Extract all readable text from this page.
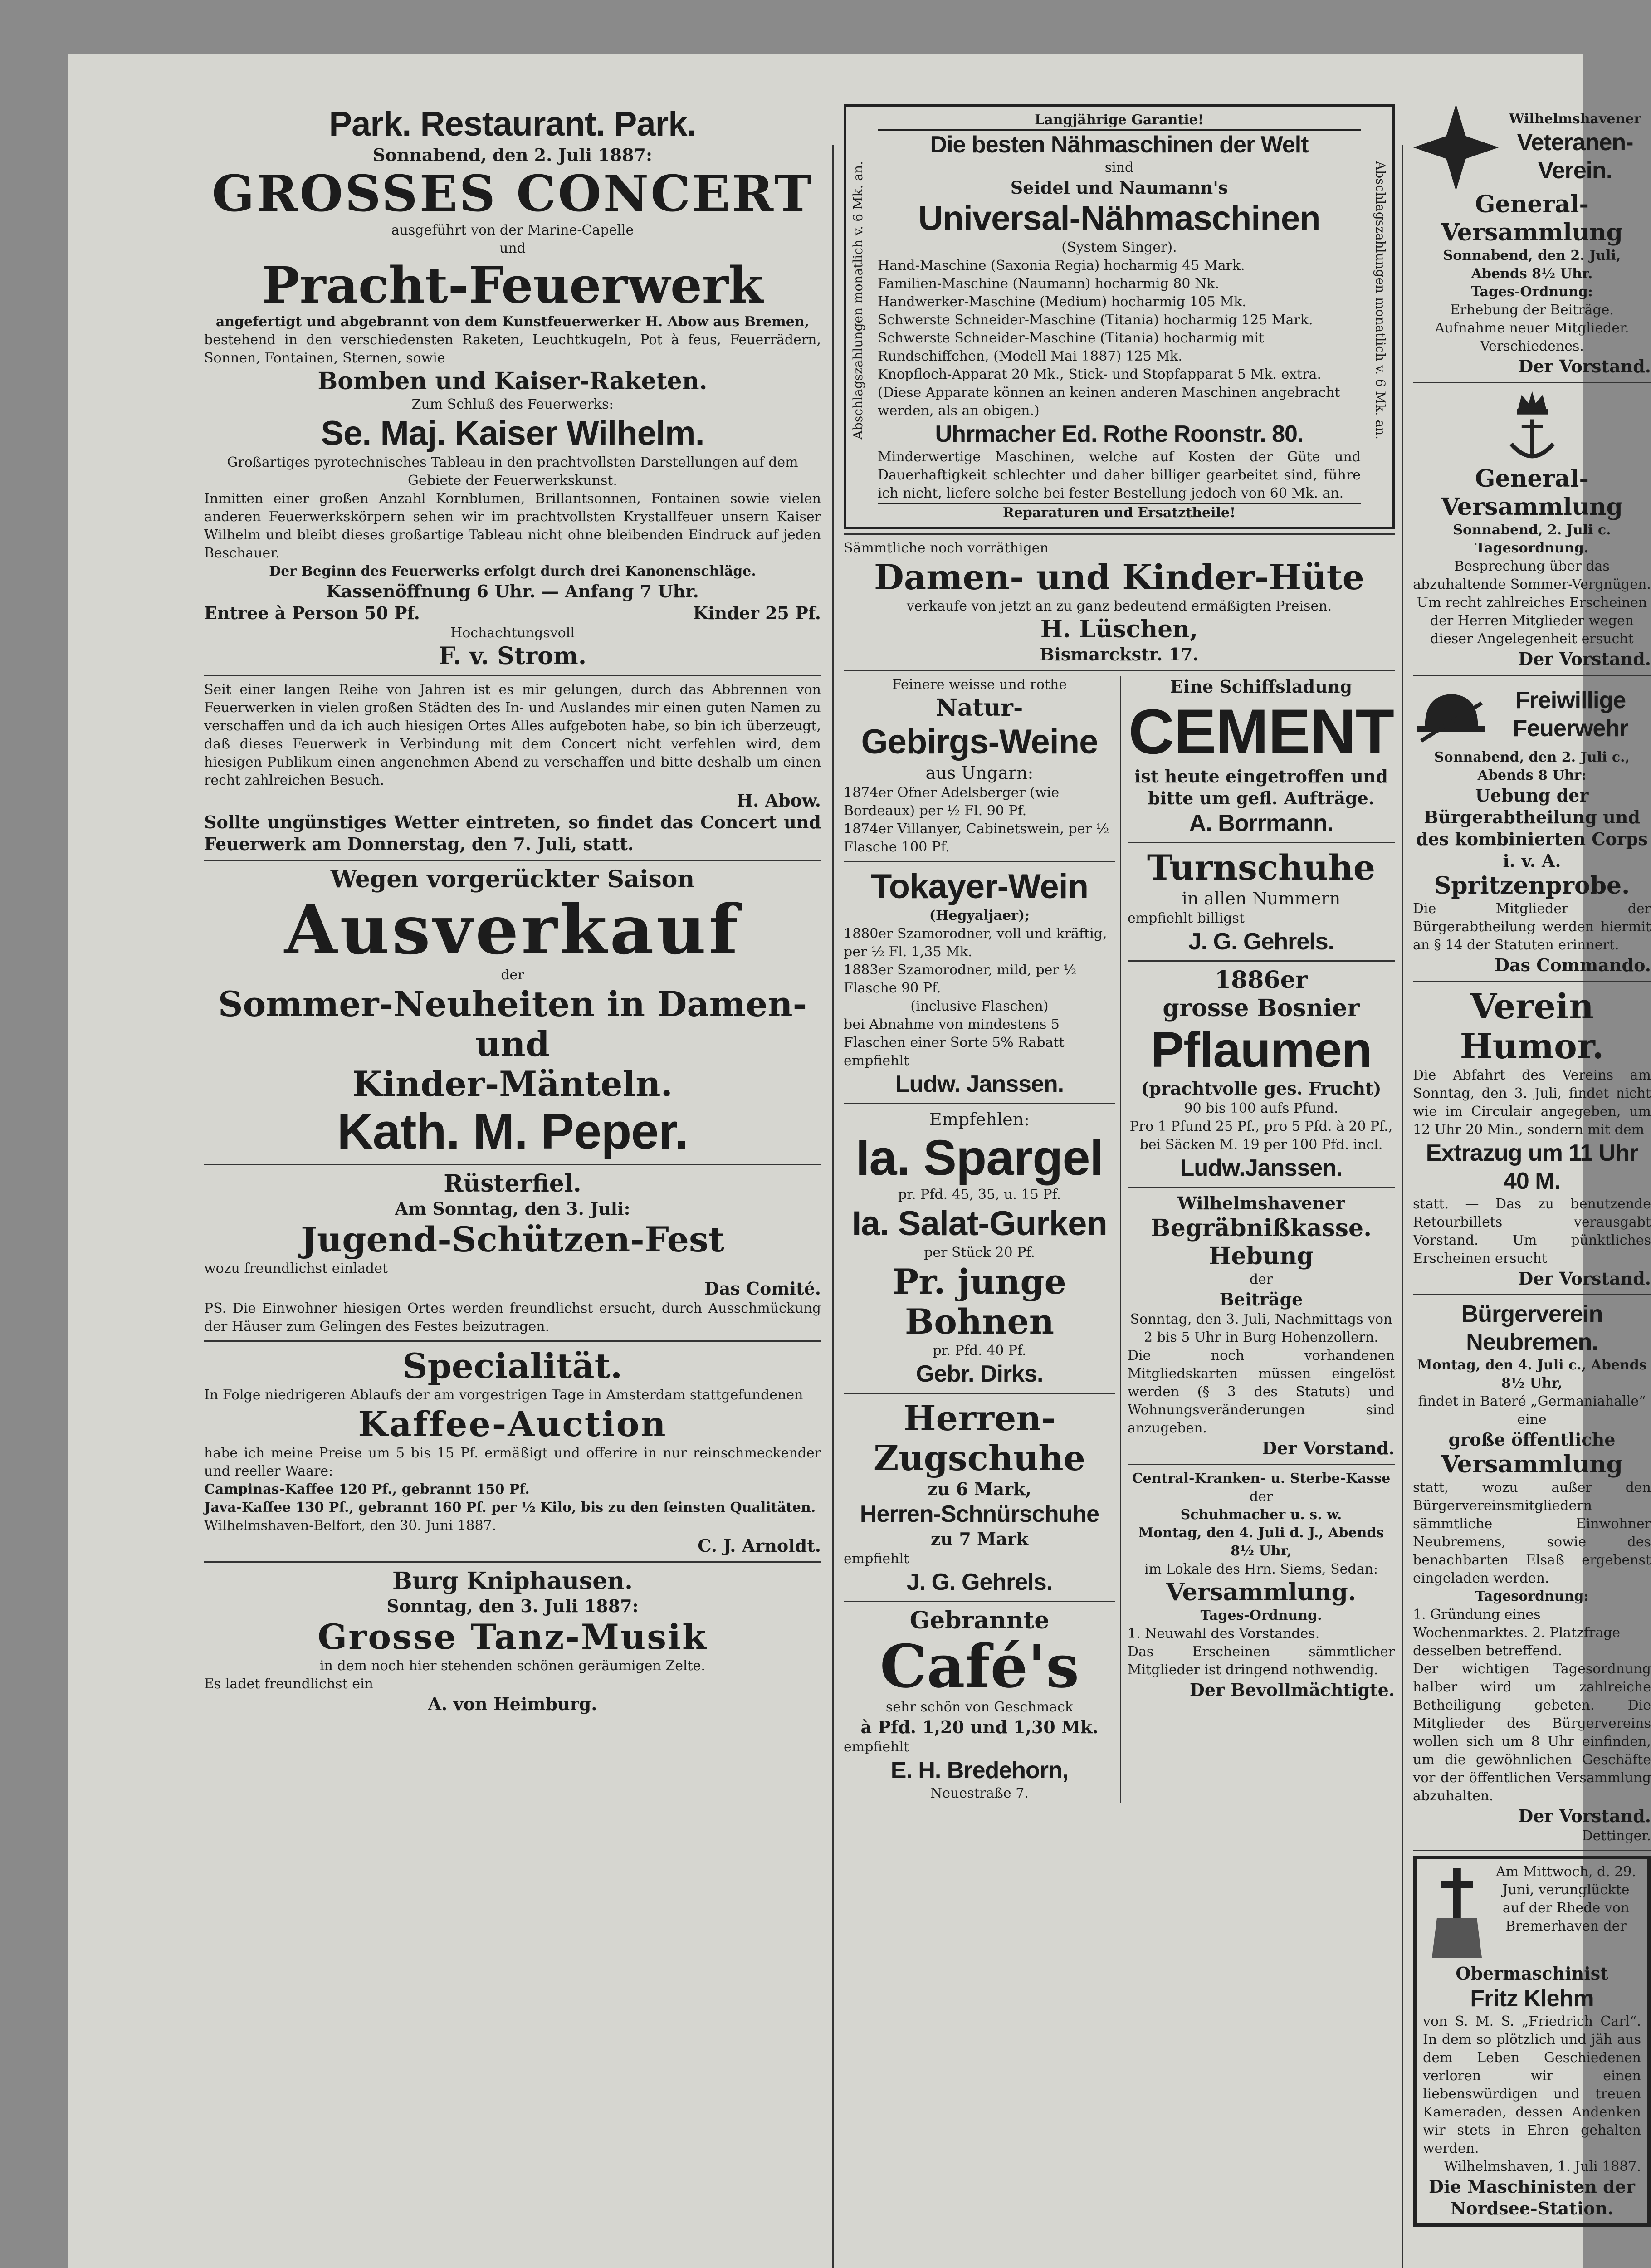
Park. Restaurant. Park.
Sonnabend, den 2. Juli 1887:
GROSSES CONCERT
ausgeführt von der Marine-Capelle
und
Pracht-Feuerwerk
angefertigt und abgebrannt von dem Kunstfeuerwerker H. Abow aus Bremen,
bestehend in den verschiedensten Raketen, Leuchtkugeln, Pot à feus, Feuerrädern, Sonnen, Fontainen, Sternen, sowie
Bomben und Kaiser-Raketen.
Zum Schluß des Feuerwerks:
Se. Maj. Kaiser Wilhelm.
Großartiges pyrotechnisches Tableau in den prachtvollsten Darstellungen auf dem Gebiete der Feuerwerkskunst.
Inmitten einer großen Anzahl Kornblumen, Brillantsonnen, Fontainen sowie vielen anderen Feuerwerkskörpern sehen wir im prachtvollsten Krystallfeuer unsern Kaiser Wilhelm und bleibt dieses großartige Tableau nicht ohne bleibenden Eindruck auf jeden Beschauer.
Der Beginn des Feuerwerks erfolgt durch drei Kanonenschläge.
Kassenöffnung 6 Uhr. — Anfang 7 Uhr.
Entree à Person 50 Pf.	Kinder 25 Pf.
Hochachtungsvoll
F. v. Strom.
Seit einer langen Reihe von Jahren ist es mir gelungen, durch das Abbrennen von Feuerwerken in vielen großen Städten des In- und Auslandes mir einen guten Namen zu verschaffen und da ich auch hiesigen Ortes Alles aufgeboten habe, so bin ich überzeugt, daß dieses Feuerwerk in Verbindung mit dem Concert nicht verfehlen wird, dem hiesigen Publikum einen angenehmen Abend zu verschaffen und bitte deshalb um einen recht zahlreichen Besuch.
H. Abow.
Sollte ungünstiges Wetter eintreten, so findet das Concert und Feuerwerk am Donnerstag, den 7. Juli, statt.
Wegen vorgerückter Saison
Ausverkauf
der
Sommer-Neuheiten in Damen- und
Kinder-Mänteln.
Kath. M. Peper.
Rüsterfiel.
Am Sonntag, den 3. Juli:
Jugend-Schützen-Fest
wozu freundlichst einladet
Das Comité.
PS. Die Einwohner hiesigen Ortes werden freundlichst ersucht, durch Ausschmückung der Häuser zum Gelingen des Festes beizutragen.
Specialität.
In Folge niedrigeren Ablaufs der am vorgestrigen Tage in Amsterdam stattgefundenen
Kaffee-Auction
habe ich meine Preise um 5 bis 15 Pf. ermäßigt und offerire in nur reinschmeckender und reeller Waare:
Campinas-Kaffee 120 Pf., gebrannt 150 Pf.
Java-Kaffee 130 Pf., gebrannt 160 Pf. per ½ Kilo, bis zu den feinsten Qualitäten.
Wilhelmshaven-Belfort, den 30. Juni 1887.
C. J. Arnoldt.
Burg Kniphausen.
Sonntag, den 3. Juli 1887:
Grosse Tanz-Musik
in dem noch hier stehenden schönen geräumigen Zelte.
Es ladet freundlichst ein
A. von Heimburg.
Langjährige Garantie!
Abschlagszahlungen monatlich v. 6 Mk. an.	Abschlagszahlungen monatlich v. 6 Mk. an.
Die besten Nähmaschinen der Welt
sind
Seidel und Naumann's
Universal-Nähmaschinen
(System Singer).
Hand-Maschine (Saxonia Regia) hocharmig 45 Mark.
Familien-Maschine (Naumann) hocharmig 80 Nk.
Handwerker-Maschine (Medium) hocharmig 105 Mk.
Schwerste Schneider-Maschine (Titania) hocharmig 125 Mark.
Schwerste Schneider-Maschine (Titania) hocharmig mit Rundschiffchen, (Modell Mai 1887) 125 Mk.
Knopfloch-Apparat 20 Mk., Stick- und Stopfapparat 5 Mk. extra. (Diese Apparate können an keinen anderen Maschinen angebracht werden, als an obigen.)
Uhrmacher Ed. Rothe Roonstr. 80.
Minderwertige Maschinen, welche auf Kosten der Güte und Dauerhaftigkeit schlechter und daher billiger gearbeitet sind, führe ich nicht, liefere solche bei fester Bestellung jedoch von 60 Mk. an.
Reparaturen und Ersatztheile!
Sämmtliche noch vorräthigen
Damen- und Kinder-Hüte
verkaufe von jetzt an zu ganz bedeutend ermäßigten Preisen.
H. Lüschen,
Bismarckstr. 17.
Feinere weisse und rothe
Natur-
Gebirgs-Weine
aus Ungarn:
1874er Ofner Adelsberger (wie Bordeaux) per ½ Fl. 90 Pf.
1874er Villanyer, Cabinetswein, per ½ Flasche 100 Pf.
Tokayer-Wein
(Hegyaljaer);
1880er Szamorodner, voll und kräftig, per ½ Fl. 1,35 Mk.
1883er Szamorodner, mild, per ½ Flasche 90 Pf.
(inclusive Flaschen)
bei Abnahme von mindestens 5 Flaschen einer Sorte 5% Rabatt
empfiehlt
Ludw. Janssen.
Empfehlen:
Ia. Spargel
pr. Pfd. 45, 35, u. 15 Pf.
Ia. Salat-Gurken
per Stück 20 Pf.
Pr. junge Bohnen
pr. Pfd. 40 Pf.
Gebr. Dirks.
Herren-Zugschuhe
zu 6 Mark,
Herren-Schnürschuhe
zu 7 Mark
empfiehlt
J. G. Gehrels.
Gebrannte
Café's
sehr schön von Geschmack
à Pfd. 1,20 und 1,30 Mk.
empfiehlt
E. H. Bredehorn,
Neuestraße 7.
Eine Schiffsladung
CEMENT
ist heute eingetroffen und bitte um gefl. Aufträge.
A. Borrmann.
Turnschuhe
in allen Nummern
empfiehlt billigst
J. G. Gehrels.
1886er
grosse Bosnier
Pflaumen
(prachtvolle ges. Frucht)
90 bis 100 aufs Pfund.
Pro 1 Pfund 25 Pf., pro 5 Pfd. à 20 Pf., bei Säcken M. 19 per 100 Pfd. incl.
Ludw.Janssen.
Wilhelmshavener
Begräbnißkasse.
Hebung
der
Beiträge
Sonntag, den 3. Juli, Nachmittags von 2 bis 5 Uhr in Burg Hohenzollern.
Die noch vorhandenen Mitgliedskarten müssen eingelöst werden (§ 3 des Statuts) und Wohnungsveränderungen sind anzugeben.
Der Vorstand.
Central-Kranken- u. Sterbe-Kasse
der
Schuhmacher u. s. w.
Montag, den 4. Juli d. J., Abends 8½ Uhr,
im Lokale des Hrn. Siems, Sedan:
Versammlung.
Tages-Ordnung.
1. Neuwahl des Vorstandes.
Das Erscheinen sämmtlicher Mitglieder ist dringend nothwendig.
Der Bevollmächtigte.
Wilhelmshavener
Veteranen-Verein.
General-Versammlung
Sonnabend, den 2. Juli, Abends 8½ Uhr.
Tages-Ordnung:
Erhebung der Beiträge. Aufnahme neuer Mitglieder. Verschiedenes.
Der Vorstand.
General-Versammlung
Sonnabend, 2. Juli c.
Tagesordnung.
Besprechung über das abzuhaltende Sommer-Vergnügen.
Um recht zahlreiches Erscheinen der Herren Mitglieder wegen dieser Angelegenheit ersucht
Der Vorstand.
Freiwillige Feuerwehr
Sonnabend, den 2. Juli c., Abends 8 Uhr:
Uebung der Bürgerabtheilung und des kombinierten Corps i. v. A.
Spritzenprobe.
Die Mitglieder der Bürgerabtheilung werden hiermit an § 14 der Statuten erinnert.
Das Commando.
Verein Humor.
Die Abfahrt des Vereins am Sonntag, den 3. Juli, findet nicht wie im Circulair angegeben, um 12 Uhr 20 Min., sondern mit dem
Extrazug um 11 Uhr 40 M.
statt. — Das zu benutzende Retourbillets verausgabt Vorstand. Um pünktliches Erscheinen ersucht
Der Vorstand.
Bürgerverein Neubremen.
Montag, den 4. Juli c., Abends 8½ Uhr,
findet in Bateré „Germaniahalle“ eine
große öffentliche
Versammlung
statt, wozu außer den Bürgervereinsmitgliedern sämmtliche Einwohner Neubremens, sowie des benachbarten Elsaß ergebenst eingeladen werden.
Tagesordnung:
1. Gründung eines Wochenmarktes. 2. Platzfrage desselben betreffend.
Der wichtigen Tagesordnung halber wird um zahlreiche Betheiligung gebeten. Die Mitglieder des Bürgervereins wollen sich um 8 Uhr einfinden, um die gewöhnlichen Geschäfte vor der öffentlichen Versammlung abzuhalten.
Der Vorstand.
Dettinger.
Am Mittwoch, d. 29. Juni, verunglückte auf der Rhede von Bremerhaven der
Obermaschinist
Fritz Klehm
von S. M. S. „Friedrich Carl“. In dem so plötzlich und jäh aus dem Leben Geschiedenen verloren wir einen liebenswürdigen und treuen Kameraden, dessen Andenken wir stets in Ehren gehalten werden.
Wilhelmshaven, 1. Juli 1887.
Die Maschinisten der Nordsee-Station.
